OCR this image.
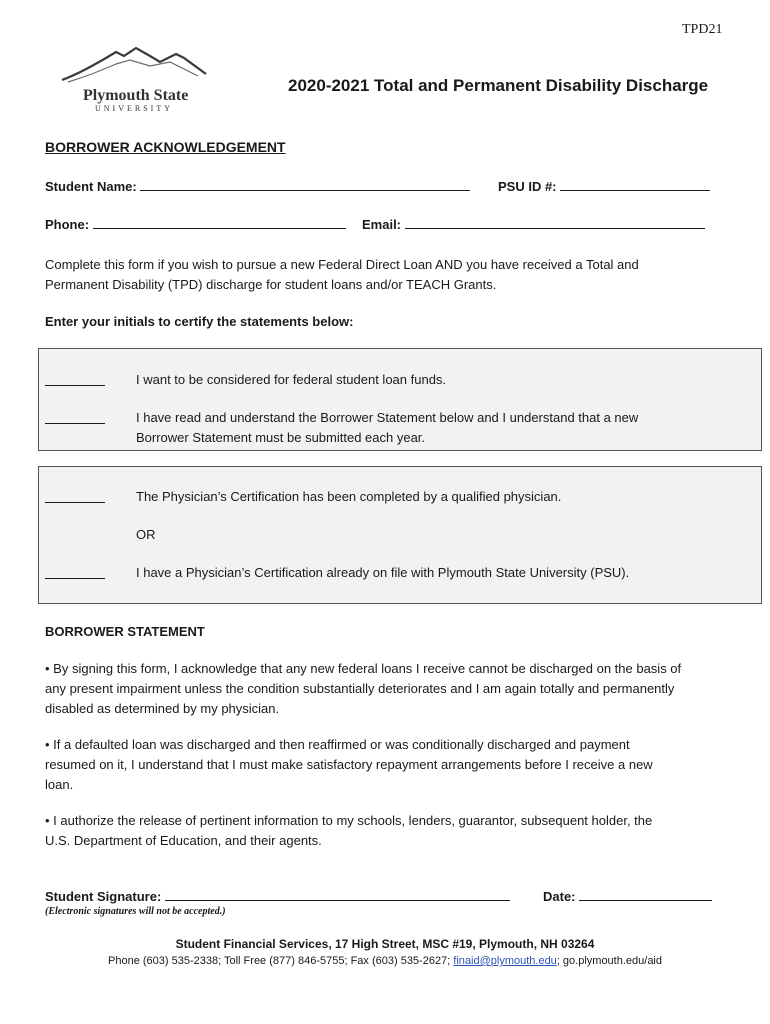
TPD21
Plymouth State
UNIVERSITY
2020-2021 Total and Permanent Disability Discharge
BORROWER ACKNOWLEDGEMENT
Student Name:	PSU ID #:
Phone:	Email:
Complete this form if you wish to pursue a new Federal Direct Loan AND you have received a Total and
Permanent Disability (TPD) discharge for student loans and/or TEACH Grants.
Enter your initials to certify the statements below:
I want to be considered for federal student loan funds.
I have read and understand the Borrower Statement below and I understand that a new
Borrower Statement must be submitted each year.
The Physician’s Certification has been completed by a qualified physician.
OR
I have a Physician’s Certification already on file with Plymouth State University (PSU).
BORROWER STATEMENT
• By signing this form, I acknowledge that any new federal loans I receive cannot be discharged on the basis of
any present impairment unless the condition substantially deteriorates and I am again totally and permanently
disabled as determined by my physician.
• If a defaulted loan was discharged and then reaffirmed or was conditionally discharged and payment
resumed on it, I understand that I must make satisfactory repayment arrangements before I receive a new
loan.
• I authorize the release of pertinent information to my schools, lenders, guarantor, subsequent holder, the
U.S. Department of Education, and their agents.
Student Signature:	Date:
(Electronic signatures will not be accepted.)
Student Financial Services, 17 High Street, MSC #19, Plymouth, NH 03264
Phone (603) 535-2338; Toll Free (877) 846-5755; Fax (603) 535-2627; finaid@plymouth.edu; go.plymouth.edu/aid
